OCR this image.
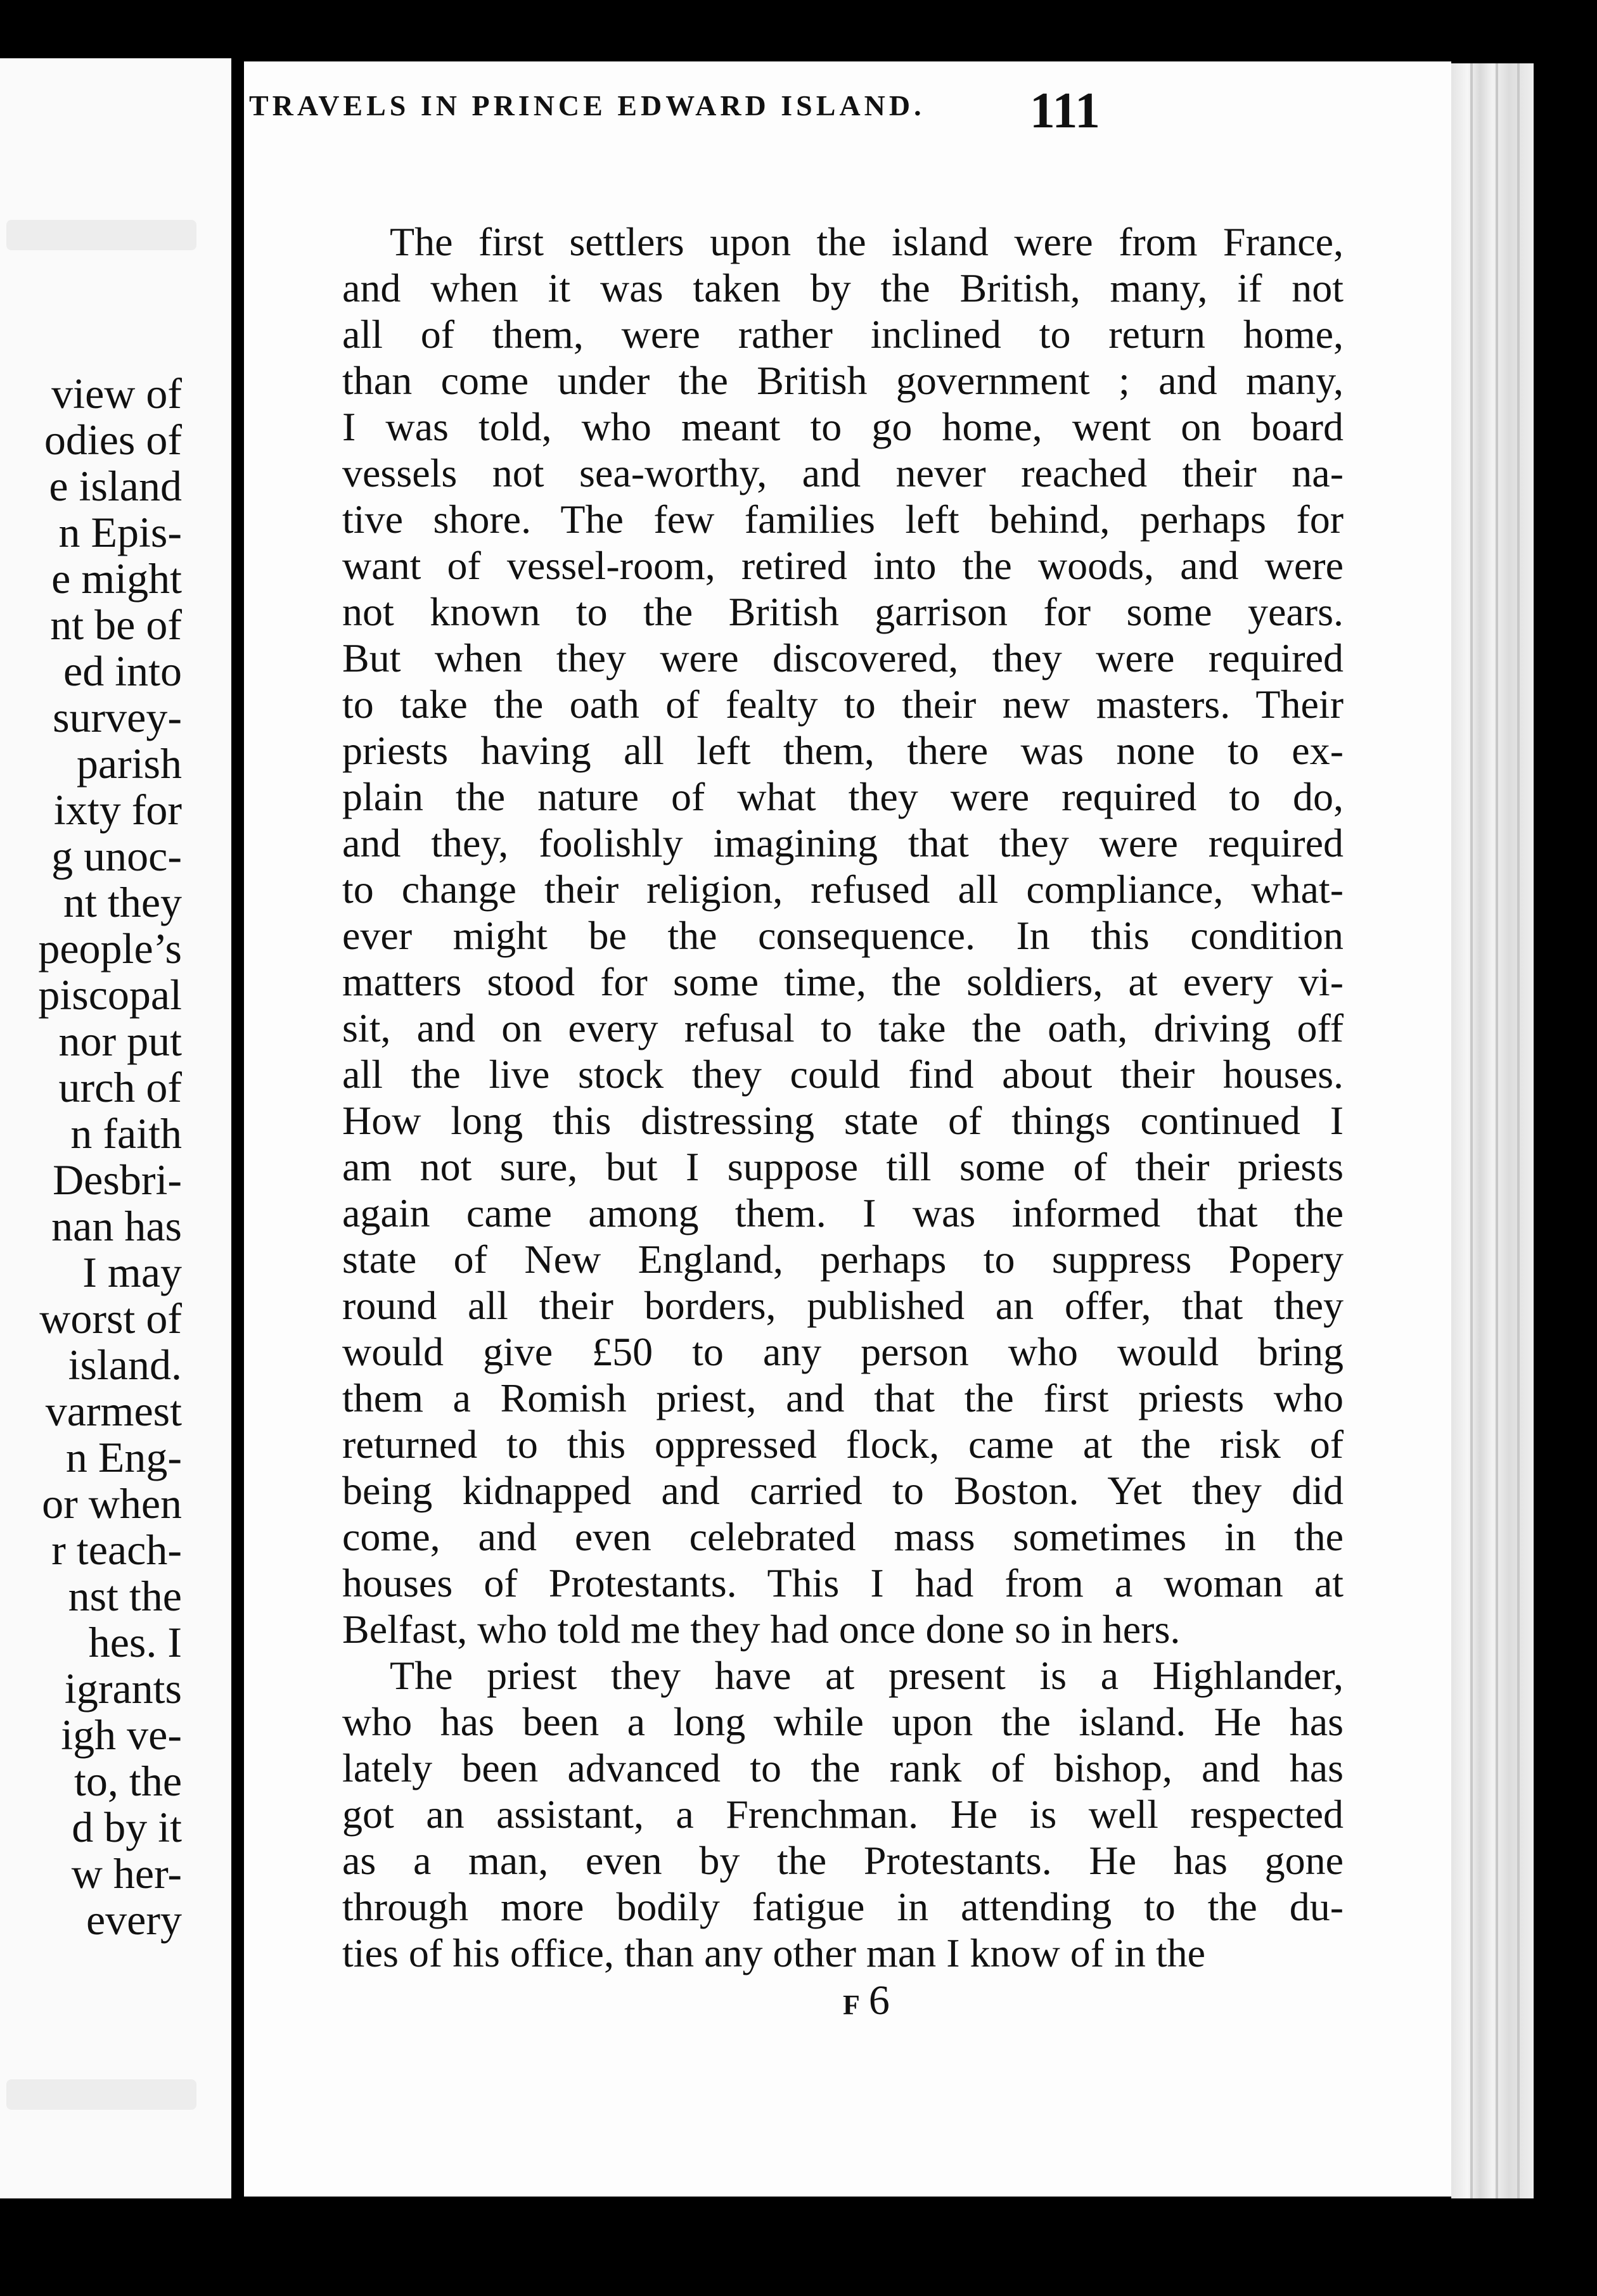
view of
odies of
e island
n Epis-
e might
nt be of
ed into
survey-
parish
ixty for
g unoc-
nt they
people’s
piscopal
nor put
urch of
n faith
Desbri-
nan has
I may
worst of
island.
varmest
n Eng-
or when
r teach-
nst the
hes. I
igrants
igh ve-
to, the
d by it
w her-
every
TRAVELS IN PRINCE EDWARD ISLAND. 111
The first settlers upon the island were from France,
and when it was taken by the British, many, if not
all of them, were rather inclined to return home,
than come under the British government ; and many,
I was told, who meant to go home, went on board
vessels not sea-worthy, and never reached their na-
tive shore. The few families left behind, perhaps for
want of vessel-room, retired into the woods, and were
not known to the British garrison for some years.
But when they were discovered, they were required
to take the oath of fealty to their new masters. Their
priests having all left them, there was none to ex-
plain the nature of what they were required to do,
and they, foolishly imagining that they were required
to change their religion, refused all compliance, what-
ever might be the consequence. In this condition
matters stood for some time, the soldiers, at every vi-
sit, and on every refusal to take the oath, driving off
all the live stock they could find about their houses.
How long this distressing state of things continued I
am not sure, but I suppose till some of their priests
again came among them. I was informed that the
state of New England, perhaps to suppress Popery
round all their borders, published an offer, that they
would give £50 to any person who would bring
them a Romish priest, and that the first priests who
returned to this oppressed flock, came at the risk of
being kidnapped and carried to Boston. Yet they did
come, and even celebrated mass sometimes in the
houses of Protestants. This I had from a woman at
Belfast, who told me they had once done so in hers.
The priest they have at present is a Highlander,
who has been a long while upon the island. He has
lately been advanced to the rank of bishop, and has
got an assistant, a Frenchman. He is well respected
as a man, even by the Protestants. He has gone
through more bodily fatigue in attending to the du-
ties of his office, than any other man I know of in the
F 6
